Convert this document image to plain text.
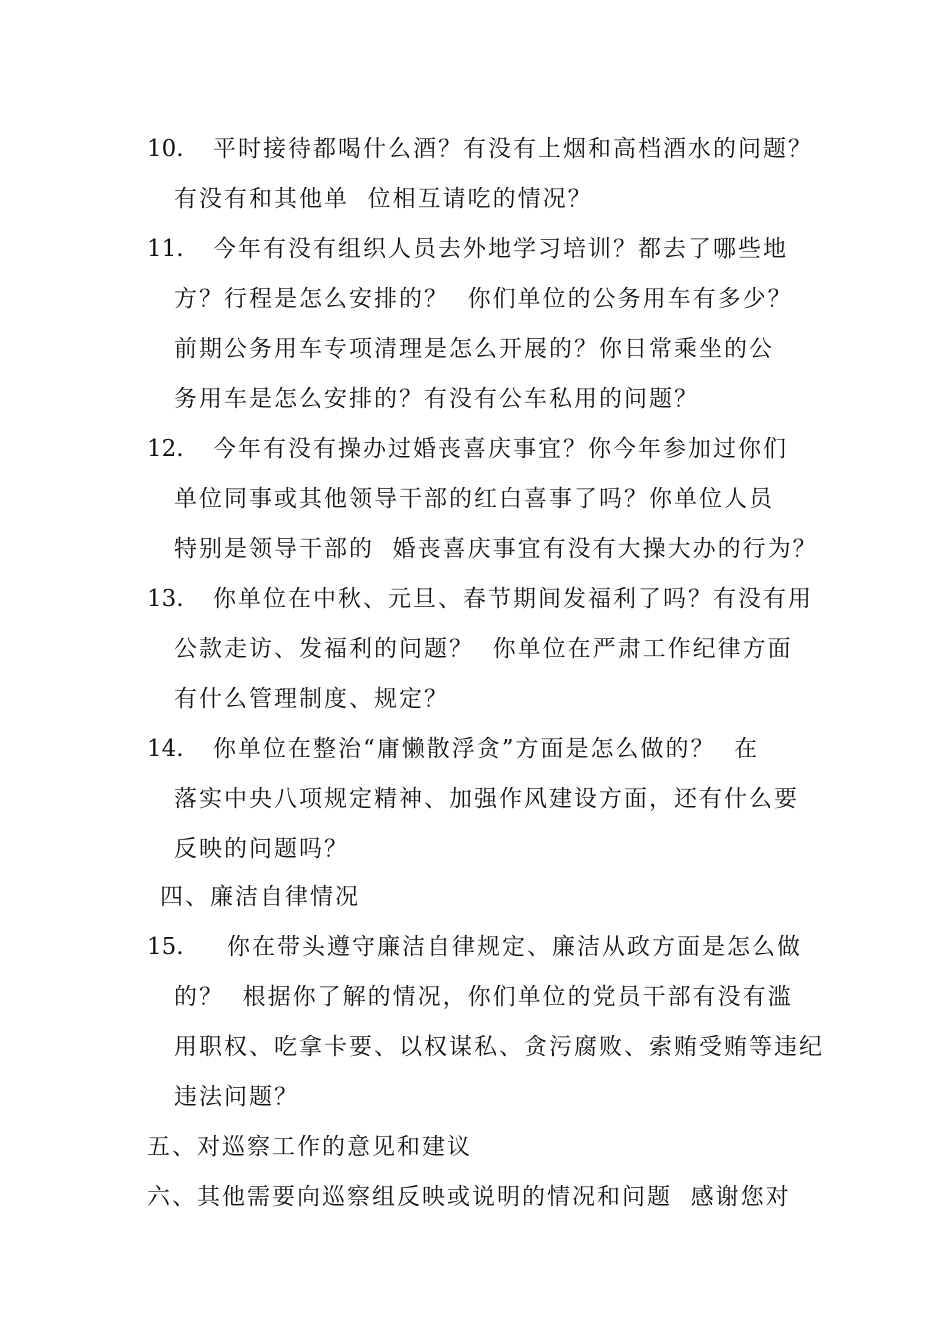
10. 平时接待都喝什么酒？有没有上烟和高档酒水的问题？
有没有和其他单  位相互请吃的情况？
11. 今年有没有组织人员去外地学习培训？都去了哪些地
方？行程是怎么安排的？  你们单位的公务用车有多少？
前期公务用车专项清理是怎么开展的？你日常乘坐的公
务用车是怎么安排的？有没有公车私用的问题？
12. 今年有没有操办过婚丧喜庆事宜？你今年参加过你们
单位同事或其他领导干部的红白喜事了吗？你单位人员
特别是领导干部的  婚丧喜庆事宜有没有大操大办的行为？
13. 你单位在中秋、元旦、春节期间发福利了吗？有没有用
公款走访、发福利的问题？  你单位在严肃工作纪律方面
有什么管理制度、规定？
14. 你单位在整治“庸懒散浮贪”方面是怎么做的？  在
落实中央八项规定精神、加强作风建设方面，还有什么要
反映的问题吗？
四、廉洁自律情况
15. 你在带头遵守廉洁自律规定、廉洁从政方面是怎么做
的？  根据你了解的情况，你们单位的党员干部有没有滥
用职权、吃拿卡要、以权谋私、贪污腐败、索贿受贿等违纪
违法问题？
五、对巡察工作的意见和建议
六、其他需要向巡察组反映或说明的情况和问题  感谢您对
